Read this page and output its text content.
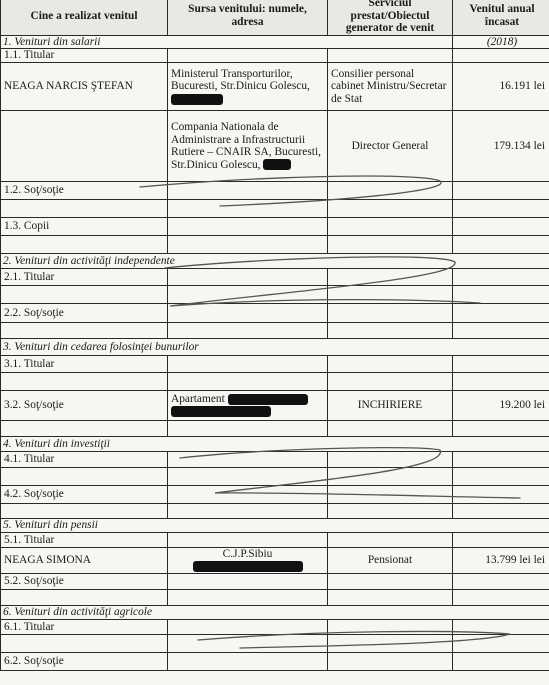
Cine a realizat venitul	Sursa venitului: numele, adresa	Serviciul prestat/Obiectul generator de venit	Venitul anual încasat
1. Venituri din salarii			(2018)
1.1. Titular			
NEAGA NARCIS ŞTEFAN	Ministerul Transporturilor, Bucuresti, Str.Dinicu Golescu,	Consilier personal cabinet Ministru/Secretar de Stat	16.191 lei
	Compania Nationala de Administrare a Infrastructurii Rutiere – CNAIR SA, Bucuresti, Str.Dinicu Golescu,	Director General	179.134 lei
1.2. Soţ/soţie			

1.3. Copii			

2. Venituri din activităţi independente			
2.1. Titular			

2.2. Soţ/soţie			

3. Venituri din cedarea folosinţei bunurilor			
3.1. Titular			

3.2. Soţ/soţie	Apartament	INCHIRIERE	19.200 lei

4. Venituri din investiţii			
4.1. Titular			

4.2. Soţ/soţie			

5. Venituri din pensii			
5.1. Titular			
NEAGA SIMONA	C.J.P.Sibiu	Pensionat	13.799 lei lei
5.2. Soţ/soţie			

6. Venituri din activităţi agricole			
6.1. Titular			

6.2. Soţ/soţie			
